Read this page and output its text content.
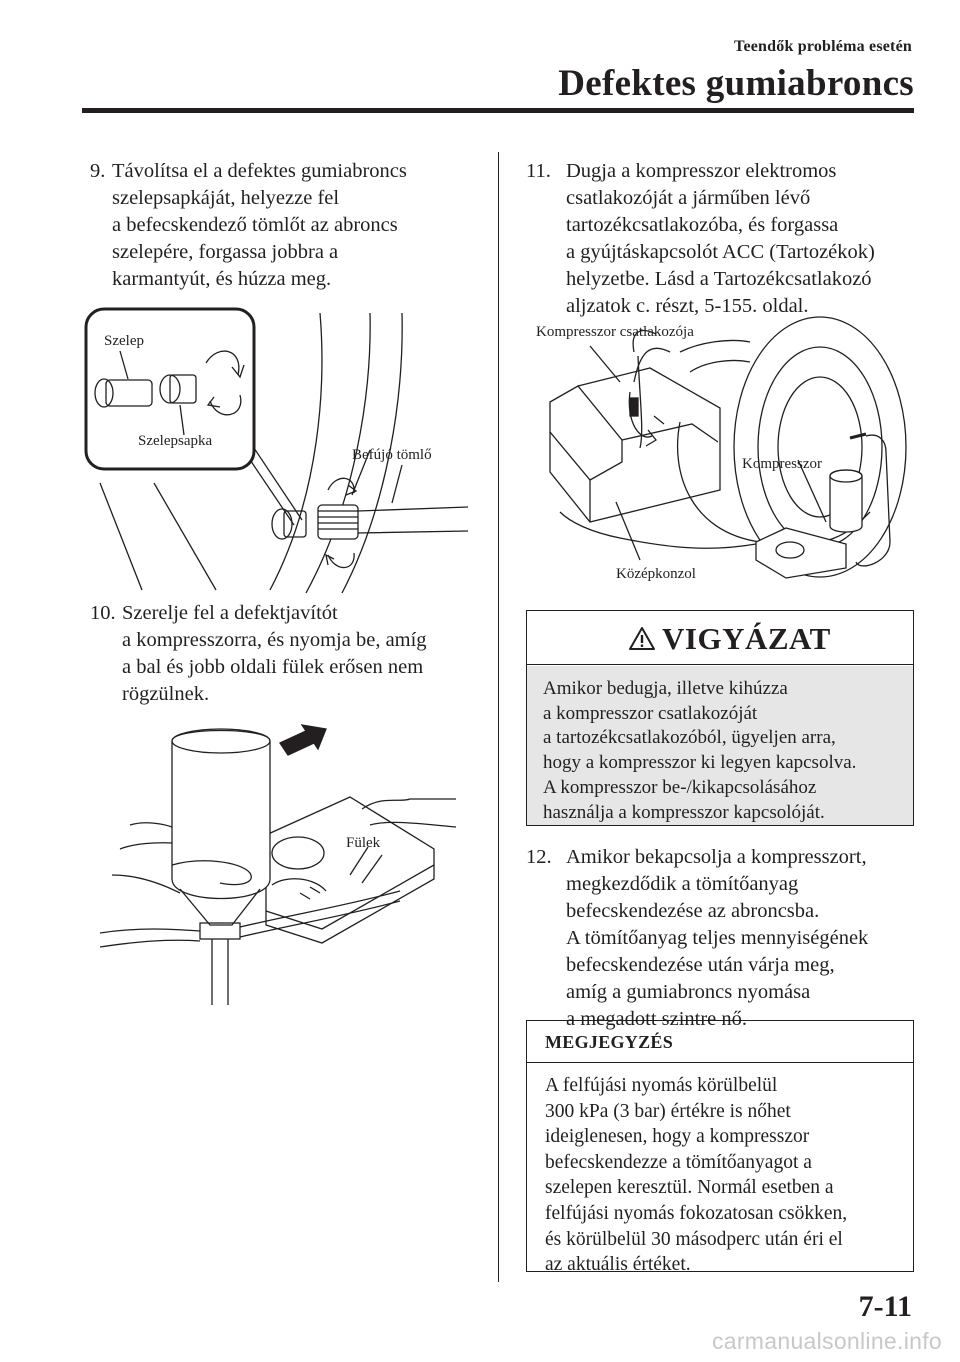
Teendők probléma esetén
Defektes gumiabroncs
9. Távolítsa el a defektes gumiabroncs
szelepsapkáját, helyezze fel
a befecskendező tömlőt az abroncs
szelepére, forgassa jobbra a
karmantyút, és húzza meg.
Szelep
Szelepsapka
Befújó tömlő
10. Szerelje fel a defektjavítót
a kompresszorra, és nyomja be, amíg
a bal és jobb oldali fülek erősen nem
rögzülnek.
Fülek
11. Dugja a kompresszor elektromos
csatlakozóját a járműben lévő
tartozékcsatlakozóba, és forgassa
a gyújtáskapcsolót ACC (Tartozékok)
helyzetbe. Lásd a Tartozékcsatlakozó
aljzatok c. részt, 5-155. oldal.
Kompresszor csatlakozója
Kompresszor
Középkonzol
VIGYÁZAT
Amikor bedugja, illetve kihúzza
a kompresszor csatlakozóját
a tartozékcsatlakozóból, ügyeljen arra,
hogy a kompresszor ki legyen kapcsolva.
A kompresszor be-/kikapcsolásához
használja a kompresszor kapcsolóját.
12. Amikor bekapcsolja a kompresszort,
megkezdődik a tömítőanyag
befecskendezése az abroncsba.
A tömítőanyag teljes mennyiségének
befecskendezése után várja meg,
amíg a gumiabroncs nyomása
a megadott szintre nő.
MEGJEGYZÉS
A felfújási nyomás körülbelül
300 kPa (3 bar) értékre is nőhet
ideiglenesen, hogy a kompresszor
befecskendezze a tömítőanyagot a
szelepen keresztül. Normál esetben a
felfújási nyomás fokozatosan csökken,
és körülbelül 30 másodperc után éri el
az aktuális értéket.
7-11
carmanualsonline.info
